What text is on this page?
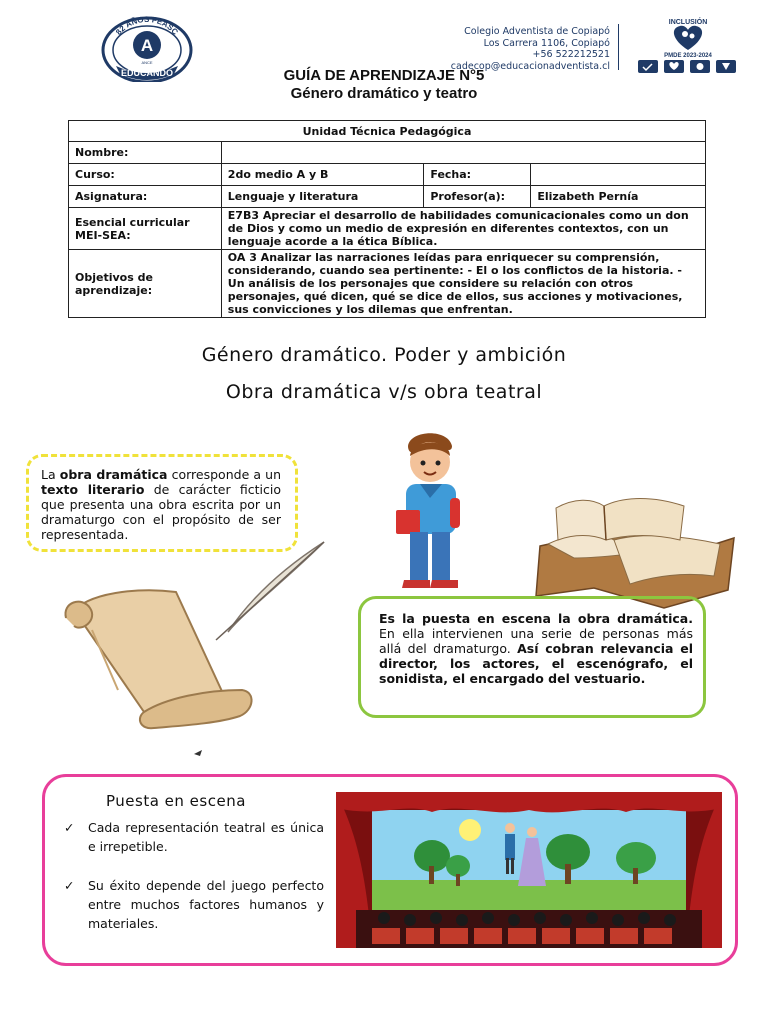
82 AÑOS FEASC
A
ANCE
EDUCANDO
Colegio Adventista de Copiapó
Los Carrera 1106, Copiapó
+56 522212521
cadecop@educacionadventista.cl
INCLUSIÓN
PMDE 2023-2024
GUÍA DE APRENDIZAJE N°5
Género dramático y teatro
Unidad Técnica Pedagógica			
Nombre:			
Curso:	2do medio A y B	Fecha:	
Asignatura:	Lenguaje y literatura	Profesor(a):	Elizabeth Pernía
Esencial curricular MEI-SEA:	E7B3 Apreciar el desarrollo de habilidades comunicacionales como un don de Dios y como un medio de expresión en diferentes contextos, con un lenguaje acorde a la ética Bíblica.		
Objetivos de aprendizaje:	OA 3 Analizar las narraciones leídas para enriquecer su comprensión, considerando, cuando sea pertinente: - El o los conflictos de la historia. - Un análisis de los personajes que considere su relación con otros personajes, qué dicen, qué se dice de ellos, sus acciones y motivaciones, sus convicciones y los dilemas que enfrentan.		
Género dramático. Poder y ambición
Obra dramática v/s obra teatral
La obra dramática corresponde a un texto literario de carácter ficticio que presenta una obra escrita por un dramaturgo con el propósito de ser representada.
Es la puesta en escena la obra dramática. En ella intervienen una serie de personas más allá del dramaturgo. Así cobran relevancia el director, los actores, el escenógrafo, el sonidista, el encargado del vestuario.
Puesta en escena
✓	Cada representación teatral es única e irrepetible.
✓	Su éxito depende del juego perfecto entre muchos factores humanos y materiales.
